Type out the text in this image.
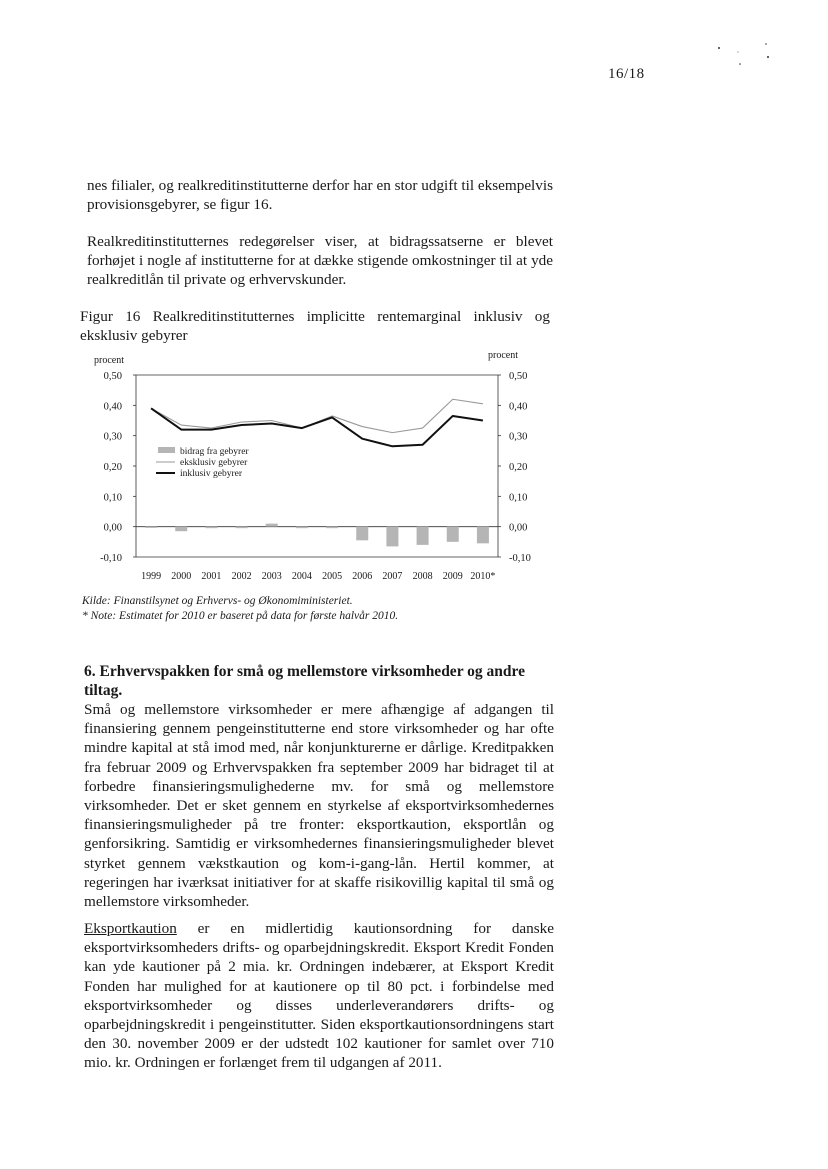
16/18
nes filialer, og realkreditinstitutterne derfor har en stor udgift til eksempelvis provisionsgebyrer, se figur 16.
Realkreditinstitutternes redegørelser viser, at bidragssatserne er blevet forhøjet i nogle af institutterne for at dække stigende omkostninger til at yde realkreditlån til private og erhvervskunder.
Figur 16 Realkreditinstitutternes implicitte rentemarginal inklusiv og eksklusiv gebyrer
0,50	0,50
0,40	0,40
0,30	0,30
0,20	0,20
0,10	0,10
0,00	0,00
-0,10	-0,10
procent	procent
1999 2000 2001 2002 2003 2004 2005 2006 2007 2008 2009 2010*
bidrag fra gebyrer
eksklusiv gebyrer
inklusiv gebyrer
Kilde: Finanstilsynet og Erhvervs- og Økonomiministeriet.
* Note: Estimatet for 2010 er baseret på data for første halvår 2010.
6. Erhvervspakken for små og mellemstore virksomheder og andre tiltag.
Små og mellemstore virksomheder er mere afhængige af adgangen til finansiering gennem pengeinstitutterne end store virksomheder og har ofte mindre kapital at stå imod med, når konjunkturerne er dårlige. Kreditpakken fra februar 2009 og Erhvervspakken fra september 2009 har bidraget til at forbedre finansieringsmulighederne mv. for små og mellemstore virksomheder. Det er sket gennem en styrkelse af eksportvirksomhedernes finansieringsmuligheder på tre fronter: eksportkaution, eksportlån og genforsikring. Samtidig er virksomhedernes finansieringsmuligheder blevet styrket gennem vækstkaution og kom-i-gang-lån. Hertil kommer, at regeringen har iværksat initiativer for at skaffe risikovillig kapital til små og mellemstore virksomheder.
Eksportkaution er en midlertidig kautionsordning for danske eksportvirksomheders drifts- og oparbejdningskredit. Eksport Kredit Fonden kan yde kautioner på 2 mia. kr. Ordningen indebærer, at Eksport Kredit Fonden har mulighed for at kautionere op til 80 pct. i forbindelse med eksportvirksomheder og disses underleverandørers drifts- og oparbejdningskredit i pengeinstitutter. Siden eksportkautionsordningens start den 30. november 2009 er der udstedt 102 kautioner for samlet over 710 mio. kr. Ordningen er forlænget frem til udgangen af 2011.
